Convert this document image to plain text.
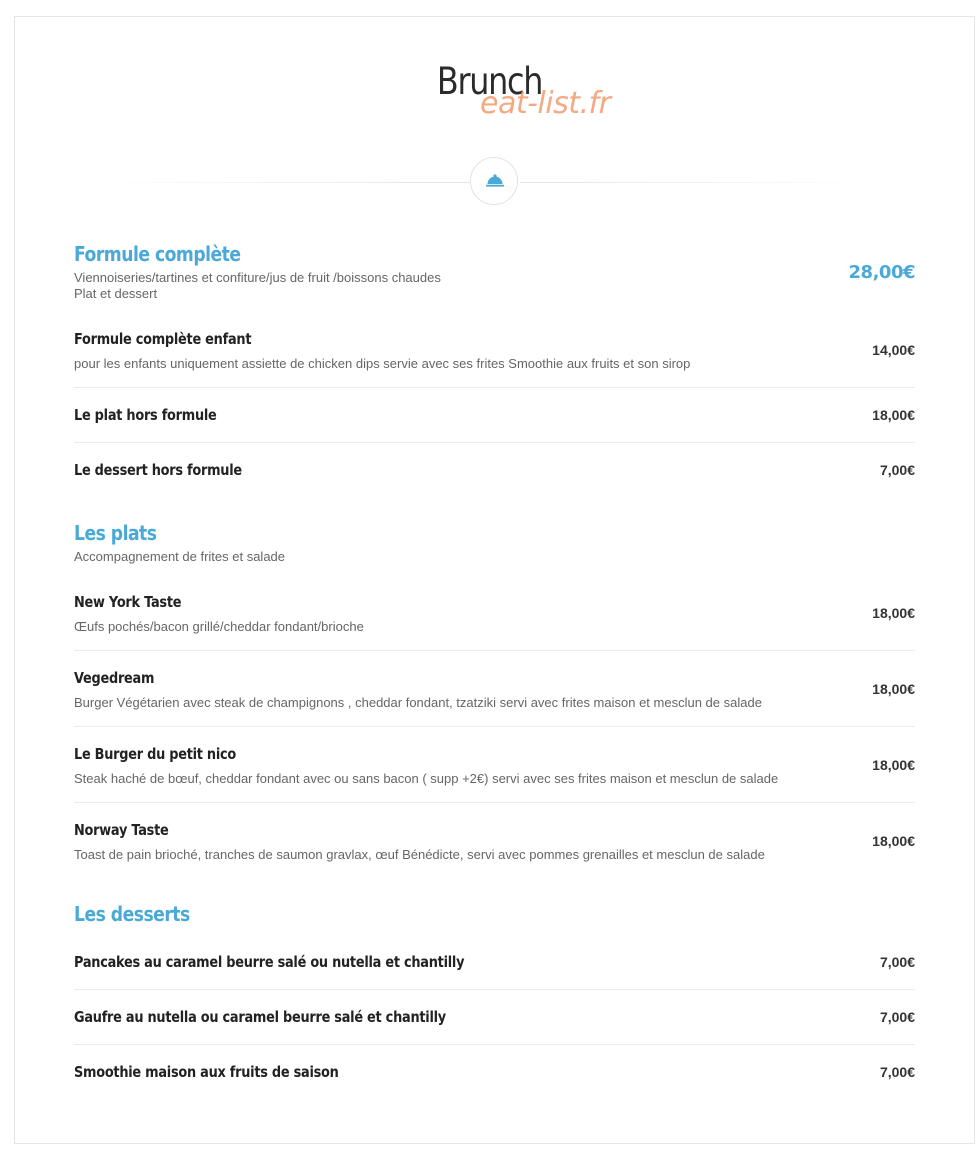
Brunch
eat-list.fr
Formule complète
Viennoiseries/tartines et confiture/jus de fruit /boissons chaudes
Plat et dessert
28,00€
Formule complète enfant
pour les enfants uniquement assiette de chicken dips servie avec ses frites Smoothie aux fruits et son sirop
14,00€
Le plat hors formule	18,00€
Le dessert hors formule	7,00€
Les plats
Accompagnement de frites et salade
New York Taste
Œufs pochés/bacon grillé/cheddar fondant/brioche
18,00€
Vegedream
Burger Végétarien avec steak de champignons , cheddar fondant, tzatziki servi avec frites maison et mesclun de salade
18,00€
Le Burger du petit nico
Steak haché de bœuf, cheddar fondant avec ou sans bacon ( supp +2€) servi avec ses frites maison et mesclun de salade
18,00€
Norway Taste
Toast de pain brioché, tranches de saumon gravlax, œuf Bénédicte, servi avec pommes grenailles et mesclun de salade
18,00€
Les desserts
Pancakes au caramel beurre salé ou nutella et chantilly	7,00€
Gaufre au nutella ou caramel beurre salé et chantilly	7,00€
Smoothie maison aux fruits de saison	7,00€
